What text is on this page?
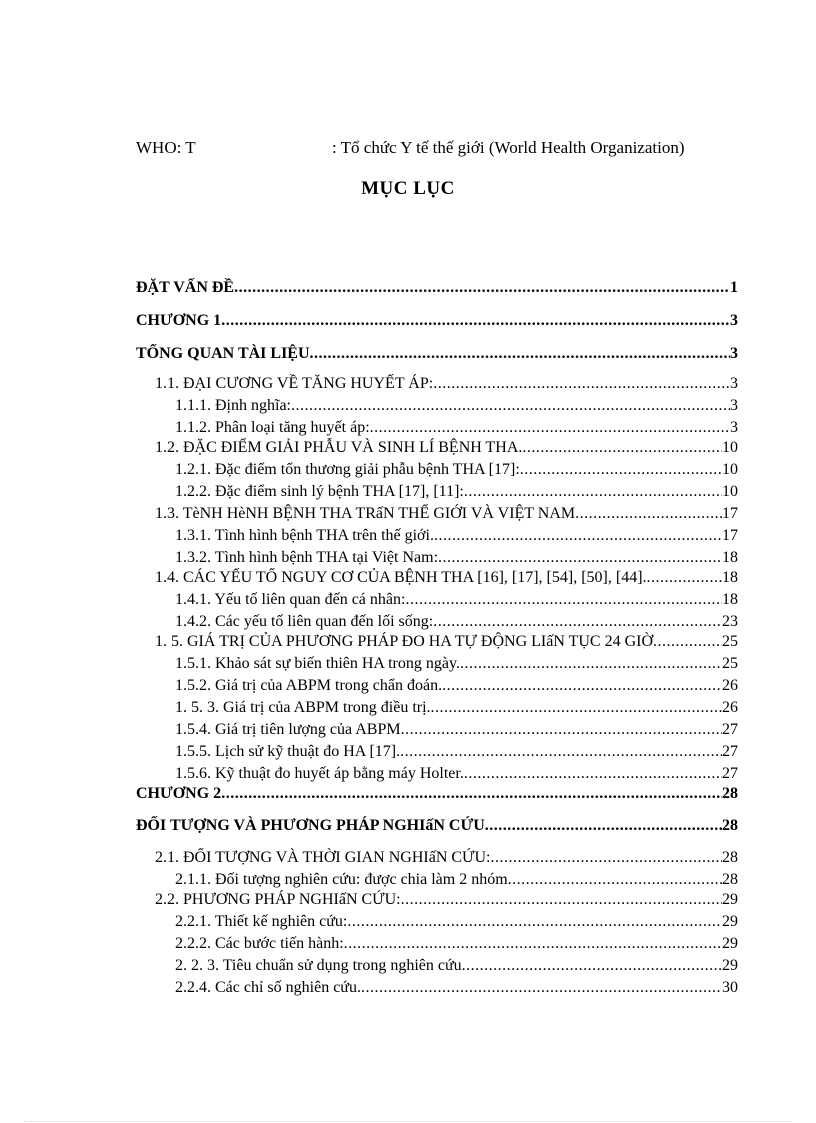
WHO: T	: Tổ chức Y tế thế giới (World Health Organization)
MỤC LỤC
ĐẶT VẤN ĐỀ .....	1
CHƯƠNG 1 .....	3
TỔNG QUAN TÀI LIỆU .....	3
1.1. ĐẠI CƯƠNG VỀ TĂNG HUYẾT ÁP: .....	3
1.1.1. Định nghĩa: .....	3
1.1.2. Phân loại tăng huyết áp: .....	3
1.2. ĐẶC ĐIỂM GIẢI PHẪU VÀ SINH LÍ BỆNH THA. .....	10
1.2.1. Đặc điểm tổn thương giải phẫu bệnh THA [17]: .....	10
1.2.2. Đặc điểm sinh lý bệnh THA [17], [11]: .....	10
1.3. TèNH HèNH BỆNH THA TRấN THẾ GIỚI VÀ VIỆT NAM .....	17
1.3.1. Tình hình bệnh THA trên thế giới. .....	17
1.3.2. Tình hình bệnh THA tại Việt Nam: .....	18
1.4. CÁC YẾU TỐ NGUY CƠ CỦA BỆNH THA [16], [17], [54], [50], [44]. .....	18
1.4.1. Yếu tố liên quan đến cá nhân: .....	18
1.4.2. Các yếu tố liên quan đến lối sống: .....	23
1. 5. GIÁ TRỊ CỦA PHƯƠNG PHÁP ĐO HA TỰ ĐỘNG LIấN TỤC 24 GIỜ .....	25
1.5.1. Khảo sát sự biến thiên HA trong ngày. .....	25
1.5.2. Giá trị của ABPM trong chẩn đoán. .....	26
1. 5. 3. Giá trị của ABPM trong điều trị. .....	26
1.5.4. Giá trị tiên lượng của ABPM .....	27
1.5.5. Lịch sử kỹ thuật đo HA [17]. .....	27
1.5.6. Kỹ thuật đo huyết áp bằng máy Holter. .....	27
CHƯƠNG 2 .....	28
ĐỐI TƯỢNG VÀ PHƯƠNG PHÁP NGHIấN CỨU .....	28
2.1. ĐỐI TƯỢNG VÀ THỜI GIAN NGHIấN CỨU: .....	28
2.1.1. Đối tượng nghiên cứu: được chia làm 2 nhóm .....	28
2.2. PHƯƠNG PHÁP NGHIấN CỨU: .....	29
2.2.1. Thiết kế nghiên cứu: .....	29
2.2.2. Các bước tiến hành: .....	29
2. 2. 3. Tiêu chuẩn sử dụng trong nghiên cứu .....	29
2.2.4. Các chỉ số nghiên cứu. .....	30
